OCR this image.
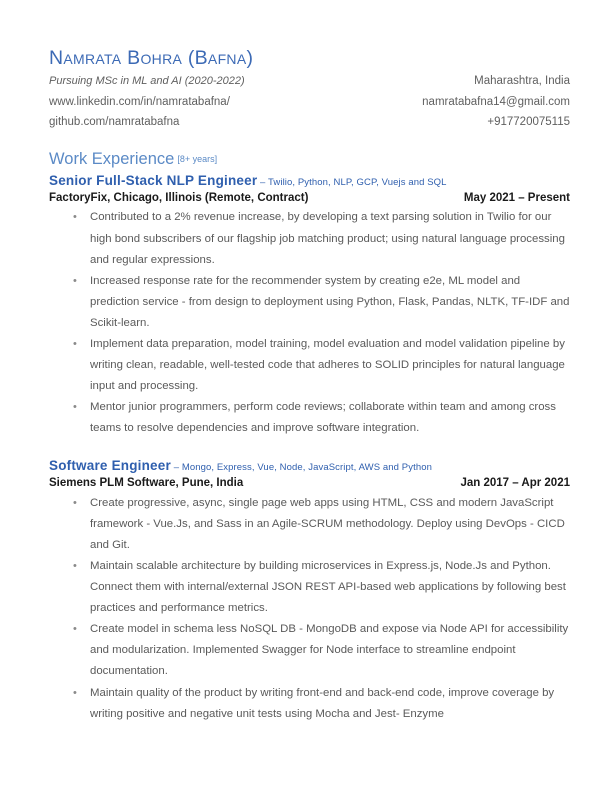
Namrata Bohra (Bafna)
Pursuing MSc in ML and AI (2020-2022)	Maharashtra, India
www.linkedin.com/in/namratabafna/	namratabafna14@gmail.com
github.com/namratabafna	+917720075115
Work Experience [8+ years]
Senior Full-Stack NLP Engineer – Twilio, Python, NLP, GCP, Vuejs and SQL
FactoryFix, Chicago, Illinois (Remote, Contract)	May 2021 – Present
• Contributed to a 2% revenue increase, by developing a text parsing solution in Twilio for our high bond subscribers of our flagship job matching product; using natural language processing and regular expressions.
• Increased response rate for the recommender system by creating e2e, ML model and prediction service - from design to deployment using Python, Flask, Pandas, NLTK, TF-IDF and Scikit-learn.
• Implement data preparation, model training, model evaluation and model validation pipeline by writing clean, readable, well-tested code that adheres to SOLID principles for natural language input and processing.
• Mentor junior programmers, perform code reviews; collaborate within team and among cross teams to resolve dependencies and improve software integration.
Software Engineer – Mongo, Express, Vue, Node, JavaScript, AWS and Python
Siemens PLM Software, Pune, India	Jan 2017 – Apr 2021
• Create progressive, async, single page web apps using HTML, CSS and modern JavaScript framework - Vue.Js, and Sass in an Agile-SCRUM methodology. Deploy using DevOps - CICD and Git.
• Maintain scalable architecture by building microservices in Express.js, Node.Js and Python. Connect them with internal/external JSON REST API-based web applications by following best practices and performance metrics.
• Create model in schema less NoSQL DB - MongoDB and expose via Node API for accessibility and modularization. Implemented Swagger for Node interface to streamline endpoint documentation.
• Maintain quality of the product by writing front-end and back-end code, improve coverage by writing positive and negative unit tests using Mocha and Jest- Enzyme
